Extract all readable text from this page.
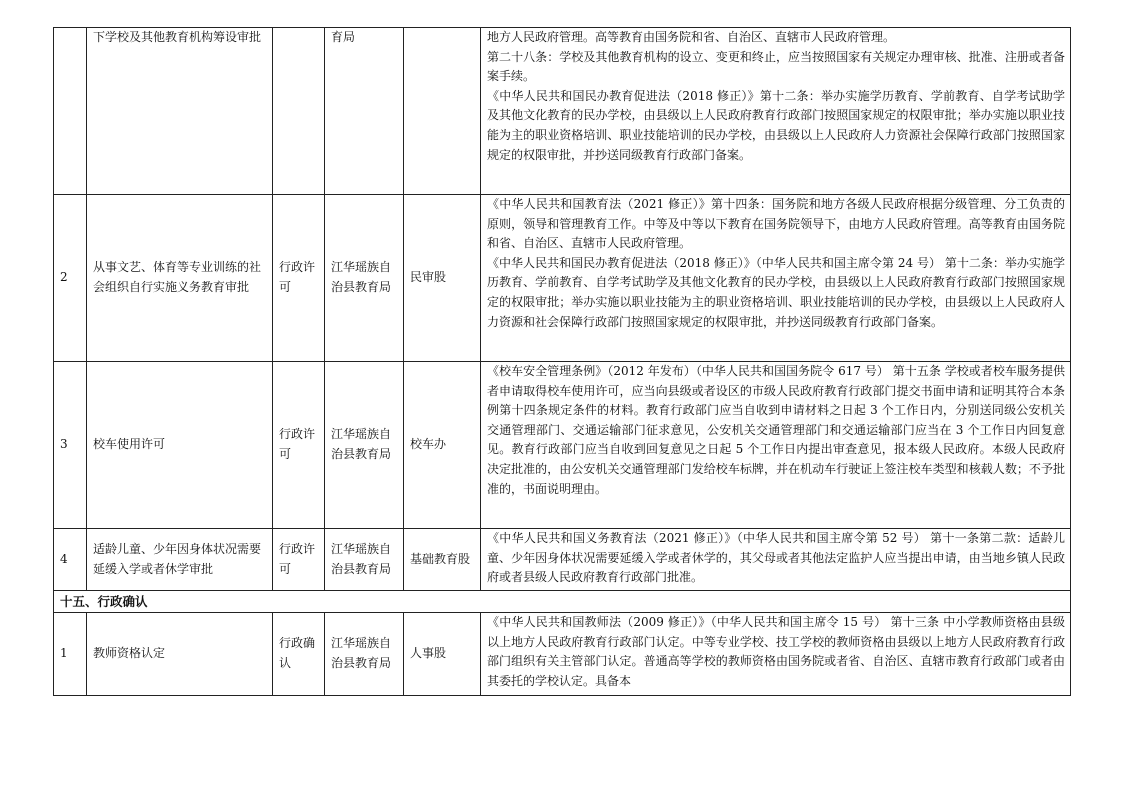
	下学校及其他教育机构筹设审批		育局		地方人民政府管理。高等教育由国务院和省、自治区、直辖市人民政府管理。

第二十八条：学校及其他教育机构的设立、变更和终止，应当按照国家有关规定办理审核、批准、注册或者备案手续。

《中华人民共和国民办教育促进法（2018 修正）》第十二条：举办实施学历教育、学前教育、自学考试助学及其他文化教育的民办学校，由县级以上人民政府教育行政部门按照国家规定的权限审批；举办实施以职业技能为主的职业资格培训、职业技能培训的民办学校，由县级以上人民政府人力资源社会保障行政部门按照国家规定的权限审批，并抄送同级教育行政部门备案。

2	从事文艺、体育等专业训练的社会组织自行实施义务教育审批	行政许可	江华瑶族自治县教育局	民审股	《中华人民共和国教育法（2021 修正）》第十四条：国务院和地方各级人民政府根据分级管理、分工负责的原则，领导和管理教育工作。中等及中等以下教育在国务院领导下，由地方人民政府管理。高等教育由国务院和省、自治区、直辖市人民政府管理。

《中华人民共和国民办教育促进法（2018 修正）》（中华人民共和国主席令第 24 号） 第十二条：举办实施学历教育、学前教育、自学考试助学及其他文化教育的民办学校，由县级以上人民政府教育行政部门按照国家规定的权限审批；举办实施以职业技能为主的职业资格培训、职业技能培训的民办学校，由县级以上人民政府人力资源和社会保障行政部门按照国家规定的权限审批，并抄送同级教育行政部门备案。

3	校车使用许可	行政许可	江华瑶族自治县教育局	校车办	《校车安全管理条例》（2012 年发布）（中华人民共和国国务院令 617 号） 第十五条 学校或者校车服务提供者申请取得校车使用许可，应当向县级或者设区的市级人民政府教育行政部门提交书面申请和证明其符合本条例第十四条规定条件的材料。教育行政部门应当自收到申请材料之日起 3 个工作日内，分别送同级公安机关交通管理部门、交通运输部门征求意见，公安机关交通管理部门和交通运输部门应当在 3 个工作日内回复意见。教育行政部门应当自收到回复意见之日起 5 个工作日内提出审查意见，报本级人民政府。本级人民政府决定批准的，由公安机关交通管理部门发给校车标牌，并在机动车行驶证上签注校车类型和核载人数；不予批准的，书面说明理由。

4	适龄儿童、少年因身体状况需要延缓入学或者休学审批	行政许可	江华瑶族自治县教育局	基础教育股	《中华人民共和国义务教育法（2021 修正）》（中华人民共和国主席令第 52 号） 第十一条第二款：适龄儿童、少年因身体状况需要延缓入学或者休学的，其父母或者其他法定监护人应当提出申请，由当地乡镇人民政府或者县级人民政府教育行政部门批准。

十五、行政确认					
1	教师资格认定	行政确认	江华瑶族自治县教育局	人事股	《中华人民共和国教师法（2009 修正）》（中华人民共和国主席令 15 号） 第十三条 中小学教师资格由县级以上地方人民政府教育行政部门认定。中等专业学校、技工学校的教师资格由县级以上地方人民政府教育行政部门组织有关主管部门认定。普通高等学校的教师资格由国务院或者省、自治区、直辖市教育行政部门或者由其委托的学校认定。具备本
